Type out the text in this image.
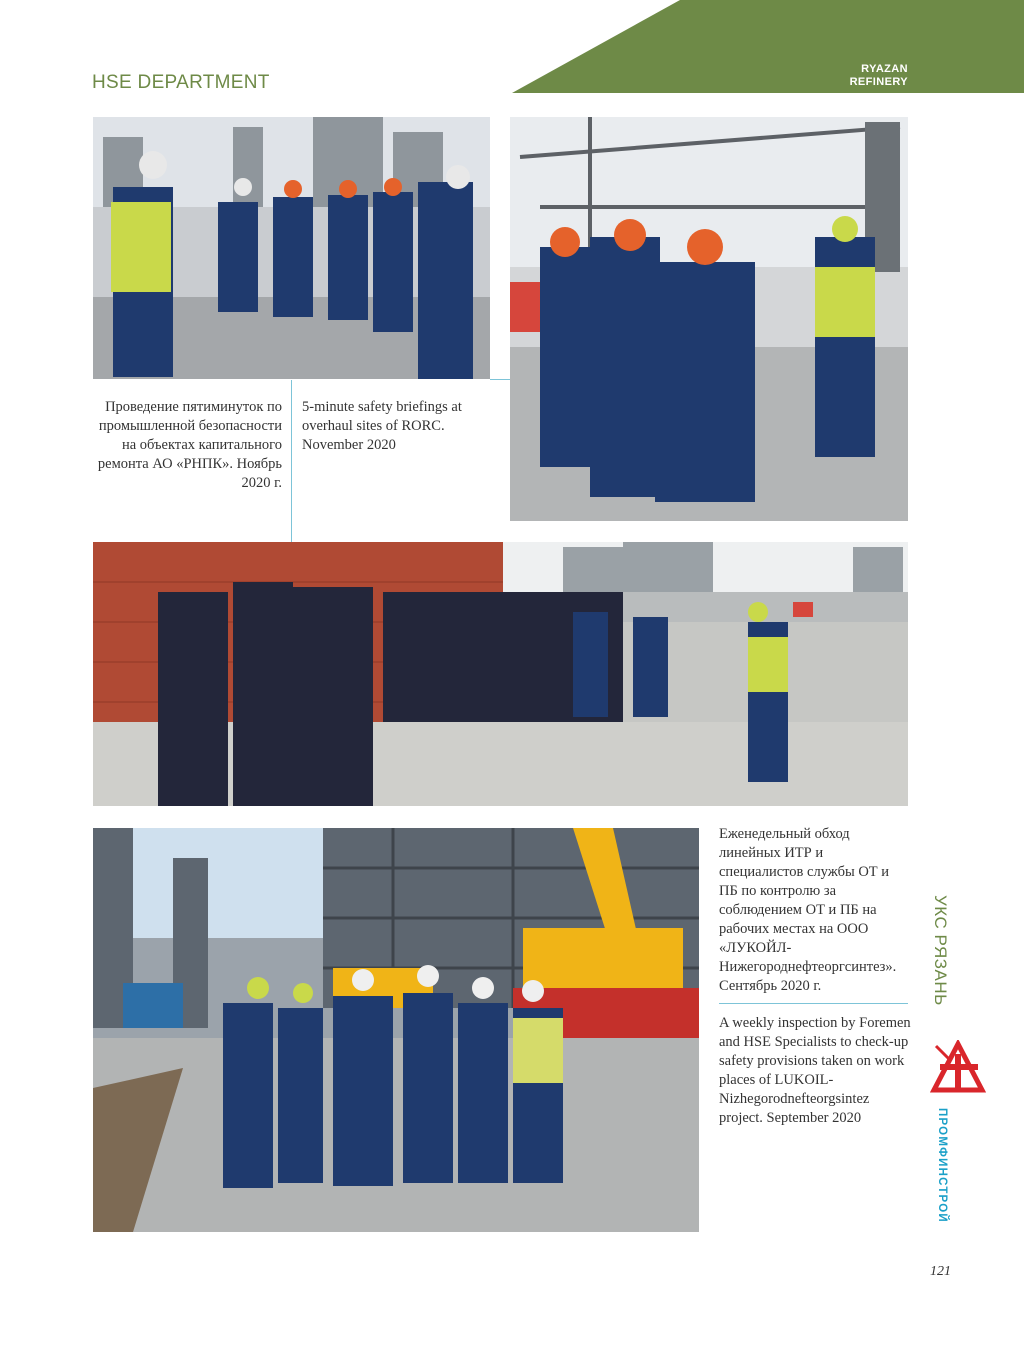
HSE DEPARTMENT
RYAZAN
REFINERY
Проведение пятиминуток по промышленной безопасности на объектах капитального ремонта АО «РНПК». Ноябрь 2020 г.
5-minute safety briefings at overhaul sites of RORC. November 2020
Еженедельный обход линейных ИТР и специалистов службы ОТ и ПБ по контролю за соблюдением ОТ и ПБ на рабочих местах на ООО «ЛУКОЙЛ-Нижегороднефтеоргсинтез». Сентябрь 2020 г.
A weekly inspection by Foremen and HSE Specialists to check-up safety provisions taken on work places of LUKOIL-Nizhegorodnefteorgsintez project. September 2020
УКС РЯЗАНЬ
ПРОМФИНСТРОЙ
121
